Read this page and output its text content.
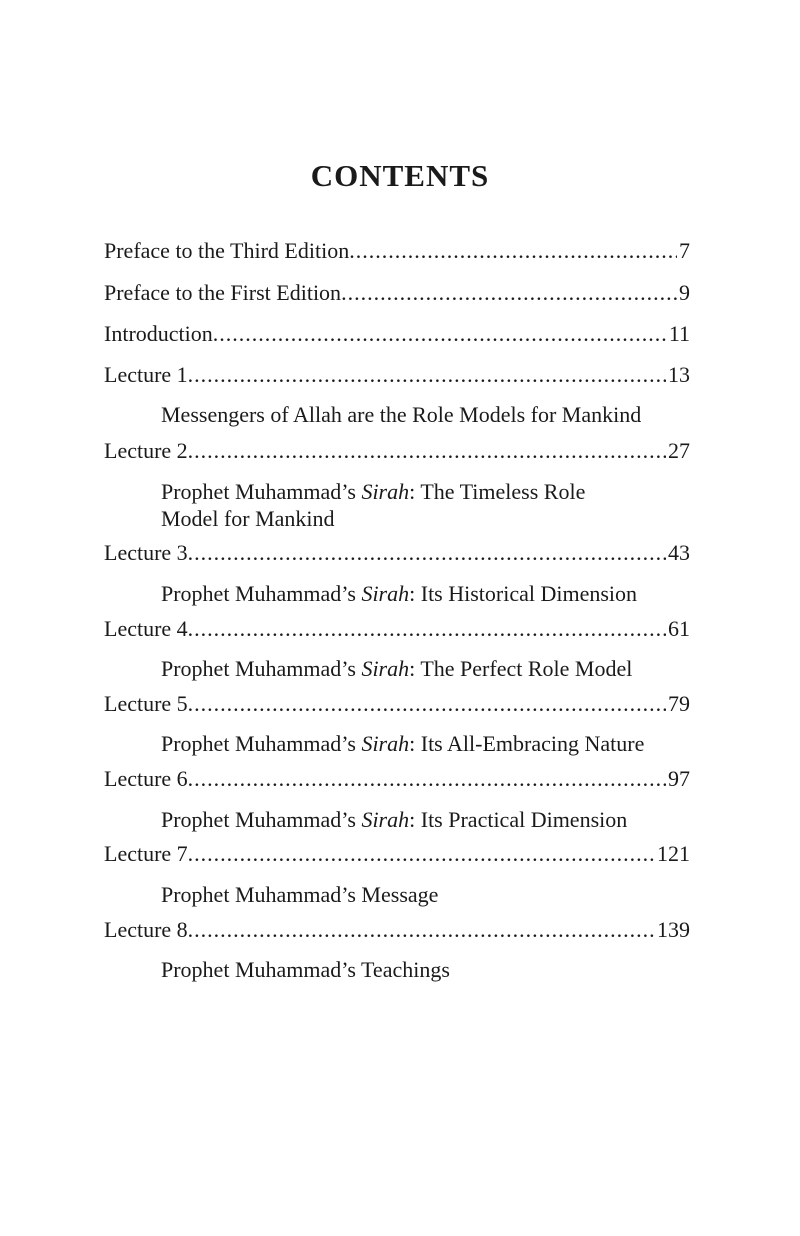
CONTENTS
Preface to the Third Edition .....	7
Preface to the First Edition .....	9
Introduction .....	11
Lecture 1 .....	13
Messengers of Allah are the Role Models for Mankind
Lecture 2 .....	27
Prophet Muhammad’s Sirah: The Timeless Role
Model for Mankind
Lecture 3 .....	43
Prophet Muhammad’s Sirah: Its Historical Dimension
Lecture 4 .....	61
Prophet Muhammad’s Sirah: The Perfect Role Model
Lecture 5 .....	79
Prophet Muhammad’s Sirah: Its All-Embracing Nature
Lecture 6 .....	97
Prophet Muhammad’s Sirah: Its Practical Dimension
Lecture 7 .....	121
Prophet Muhammad’s Message
Lecture 8 .....	139
Prophet Muhammad’s Teachings
